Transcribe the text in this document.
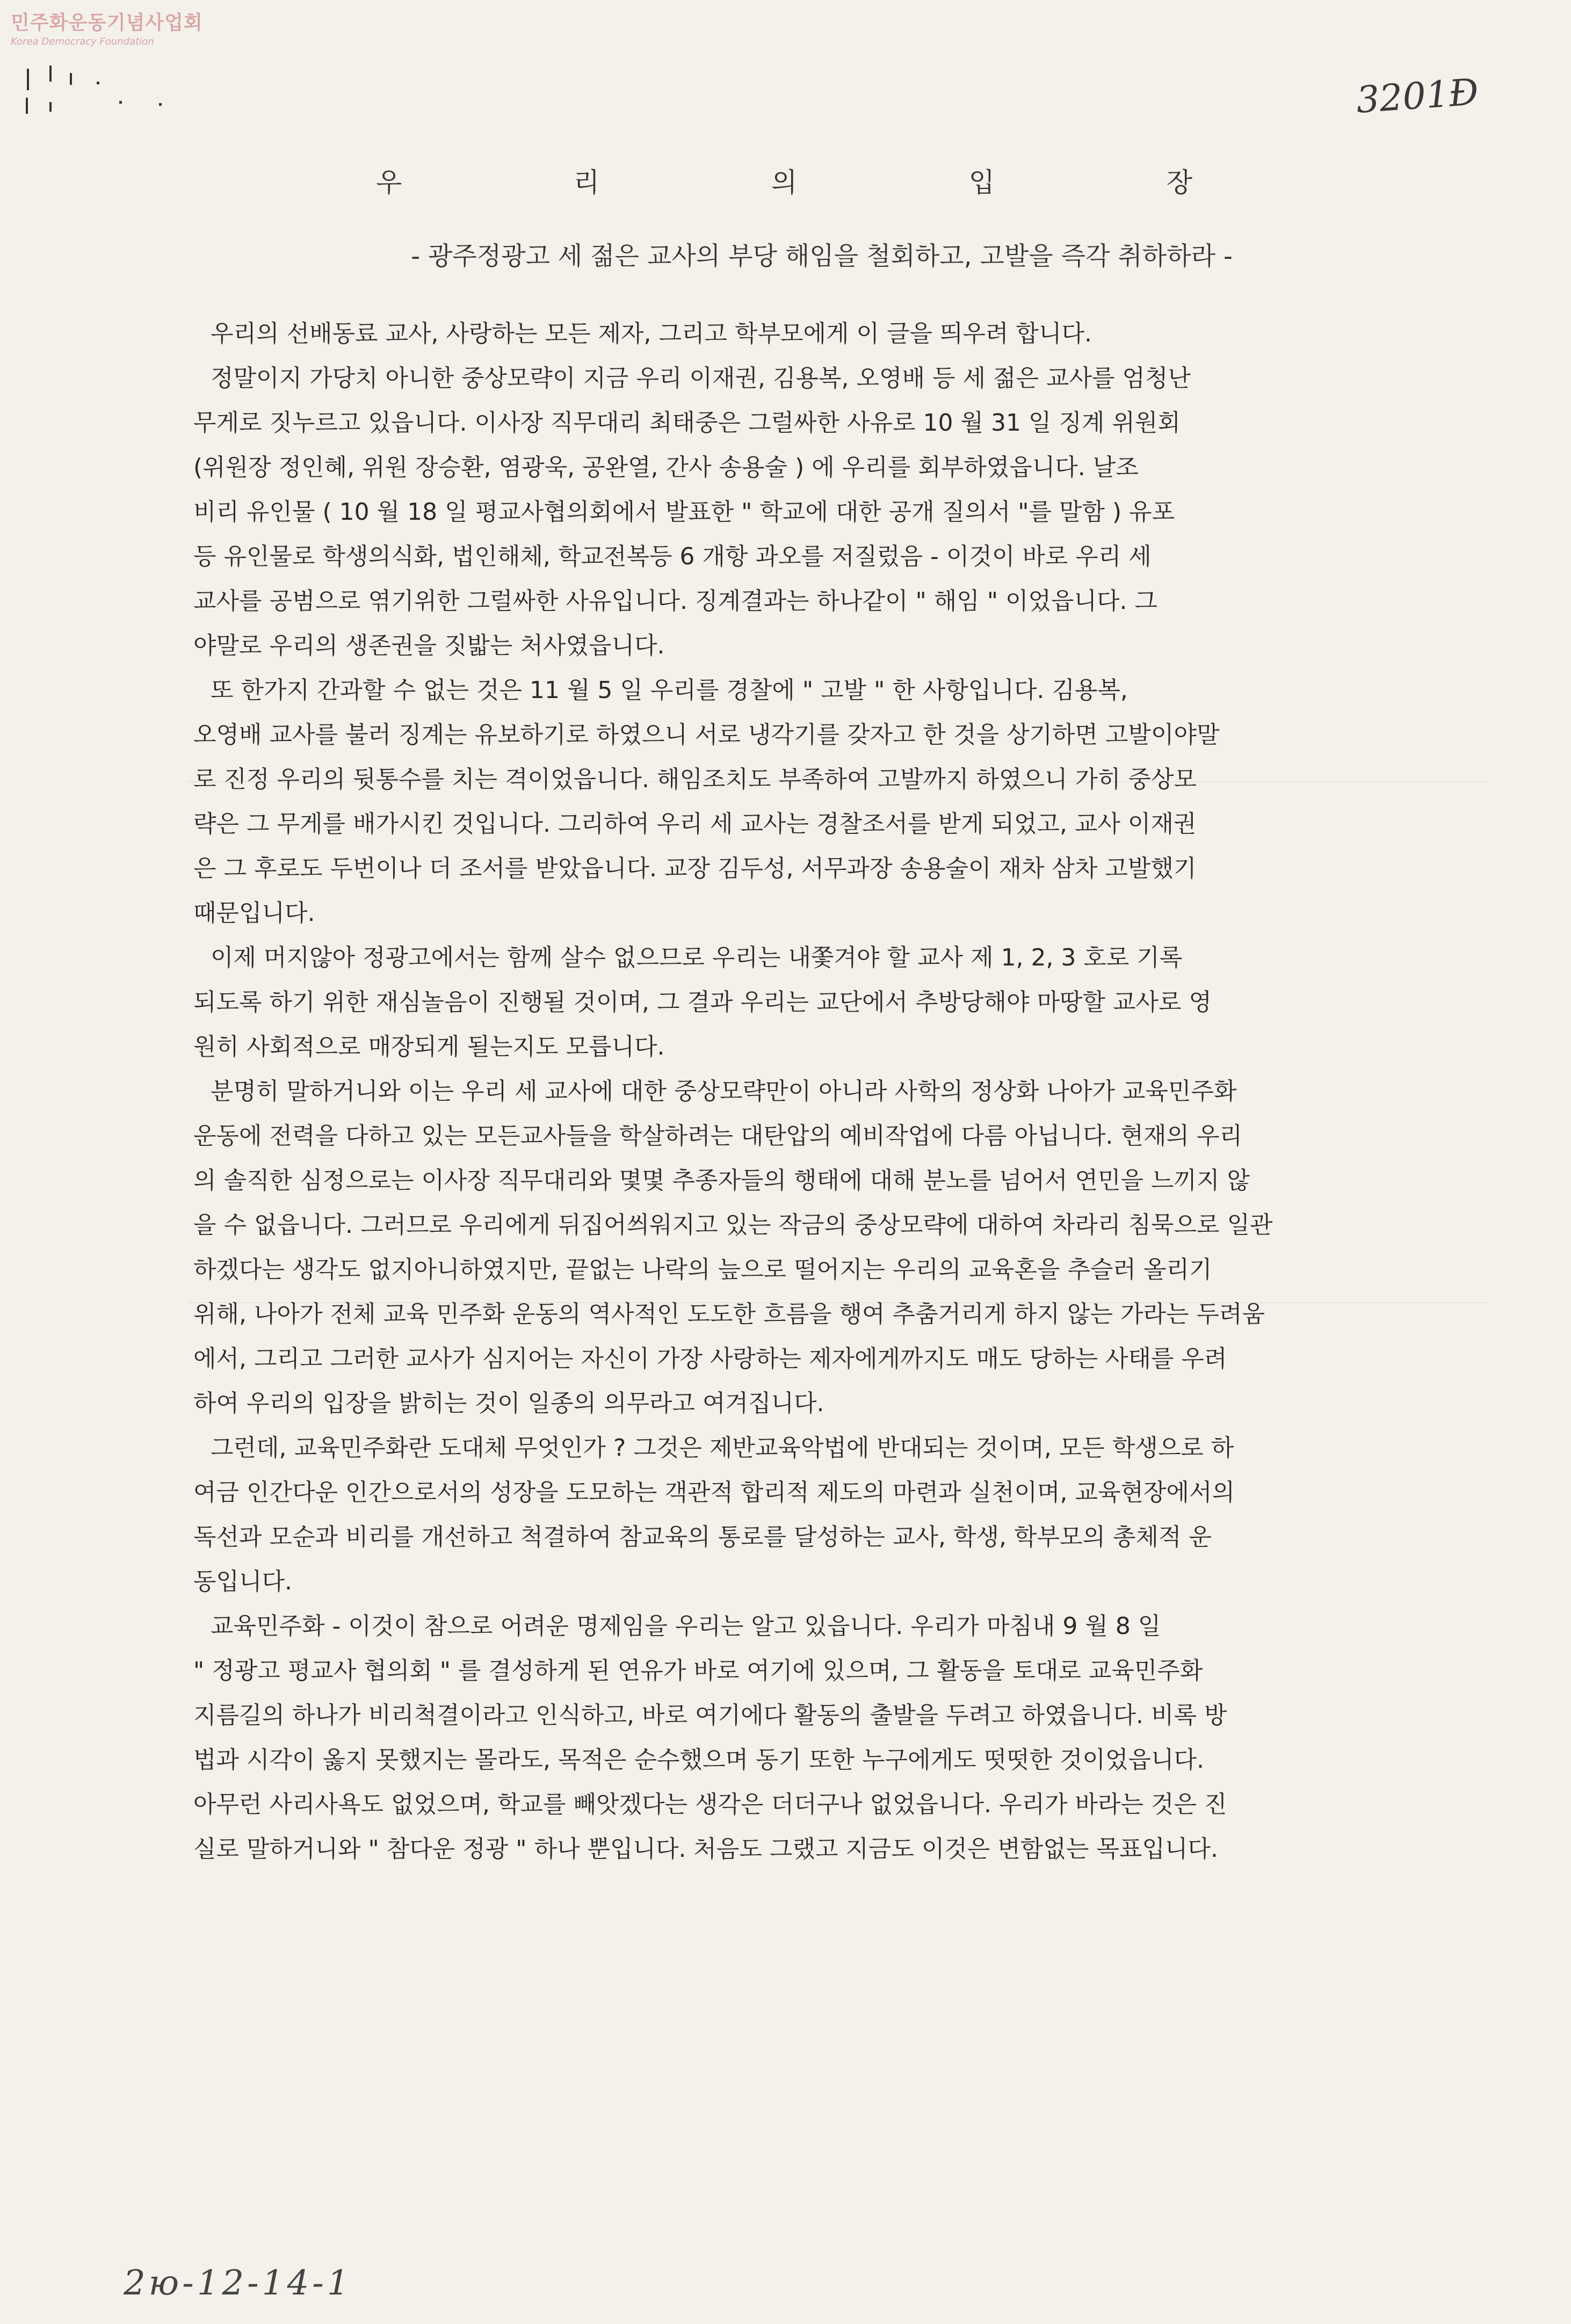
민주화운동기념사업회
Korea Democracy Foundation
3201Ð
우	리	의	입	장
- 광주정광고 세 젊은 교사의 부당 해임을 철회하고, 고발을 즉각 취하하라 -
우리의 선배동료 교사, 사랑하는 모든 제자, 그리고 학부모에게 이 글을 띄우려 합니다.
정말이지 가당치 아니한 중상모략이 지금 우리 이재권, 김용복, 오영배 등 세 젊은 교사를 엄청난
무게로 짓누르고 있읍니다. 이사장 직무대리 최태중은 그럴싸한 사유로 10 월 31 일 징계 위원회
(위원장 정인혜, 위원 장승환, 염광욱, 공완열, 간사 송용술 ) 에 우리를 회부하였읍니다. 날조
비리 유인물 ( 10 월 18 일 평교사협의회에서 발표한 " 학교에 대한 공개 질의서 "를 말함 ) 유포
등 유인물로 학생의식화, 법인해체, 학교전복등 6 개항 과오를 저질렀음 - 이것이 바로 우리 세
교사를 공범으로 엮기위한 그럴싸한 사유입니다. 징계결과는 하나같이 " 해임 " 이었읍니다. 그
야말로 우리의 생존권을 짓밟는 처사였읍니다.
또 한가지 간과할 수 없는 것은 11 월 5 일 우리를 경찰에 " 고발 " 한 사항입니다. 김용복,
오영배 교사를 불러 징계는 유보하기로 하였으니 서로 냉각기를 갖자고 한 것을 상기하면 고발이야말
로 진정 우리의 뒷통수를 치는 격이었읍니다. 해임조치도 부족하여 고발까지 하였으니 가히 중상모
략은 그 무게를 배가시킨 것입니다. 그리하여 우리 세 교사는 경찰조서를 받게 되었고, 교사 이재권
은 그 후로도 두번이나 더 조서를 받았읍니다. 교장 김두성, 서무과장 송용술이 재차 삼차 고발했기
때문입니다.
이제 머지않아 정광고에서는 함께 살수 없으므로 우리는 내쫓겨야 할 교사 제 1, 2, 3 호로 기록
되도록 하기 위한 재심놀음이 진행될 것이며, 그 결과 우리는 교단에서 추방당해야 마땅할 교사로 영
원히 사회적으로 매장되게 될는지도 모릅니다.
분명히 말하거니와 이는 우리 세 교사에 대한 중상모략만이 아니라 사학의 정상화 나아가 교육민주화
운동에 전력을 다하고 있는 모든교사들을 학살하려는 대탄압의 예비작업에 다름 아닙니다. 현재의 우리
의 솔직한 심정으로는 이사장 직무대리와 몇몇 추종자들의 행태에 대해 분노를 넘어서 연민을 느끼지 않
을 수 없읍니다. 그러므로 우리에게 뒤집어씌워지고 있는 작금의 중상모략에 대하여 차라리 침묵으로 일관
하겠다는 생각도 없지아니하였지만, 끝없는 나락의 늪으로 떨어지는 우리의 교육혼을 추슬러 올리기
위해, 나아가 전체 교육 민주화 운동의 역사적인 도도한 흐름을 행여 추춤거리게 하지 않는 가라는 두려움
에서, 그리고 그러한 교사가 심지어는 자신이 가장 사랑하는 제자에게까지도 매도 당하는 사태를 우려
하여 우리의 입장을 밝히는 것이 일종의 의무라고 여겨집니다.
그런데, 교육민주화란 도대체 무엇인가 ? 그것은 제반교육악법에 반대되는 것이며, 모든 학생으로 하
여금 인간다운 인간으로서의 성장을 도모하는 객관적 합리적 제도의 마련과 실천이며, 교육현장에서의
독선과 모순과 비리를 개선하고 척결하여 참교육의 통로를 달성하는 교사, 학생, 학부모의 총체적 운
동입니다.
교육민주화 - 이것이 참으로 어려운 명제임을 우리는 알고 있읍니다. 우리가 마침내 9 월 8 일
" 정광고 평교사 협의회 " 를 결성하게 된 연유가 바로 여기에 있으며, 그 활동을 토대로 교육민주화
지름길의 하나가 비리척결이라고 인식하고, 바로 여기에다 활동의 출발을 두려고 하였읍니다. 비록 방
법과 시각이 옳지 못했지는 몰라도, 목적은 순수했으며 동기 또한 누구에게도 떳떳한 것이었읍니다.
아무런 사리사욕도 없었으며, 학교를 빼앗겠다는 생각은 더더구나 없었읍니다. 우리가 바라는 것은 진
실로 말하거니와 " 참다운 정광 " 하나 뿐입니다. 처음도 그랬고 지금도 이것은 변함없는 목표입니다.
2ю-12-14-1
